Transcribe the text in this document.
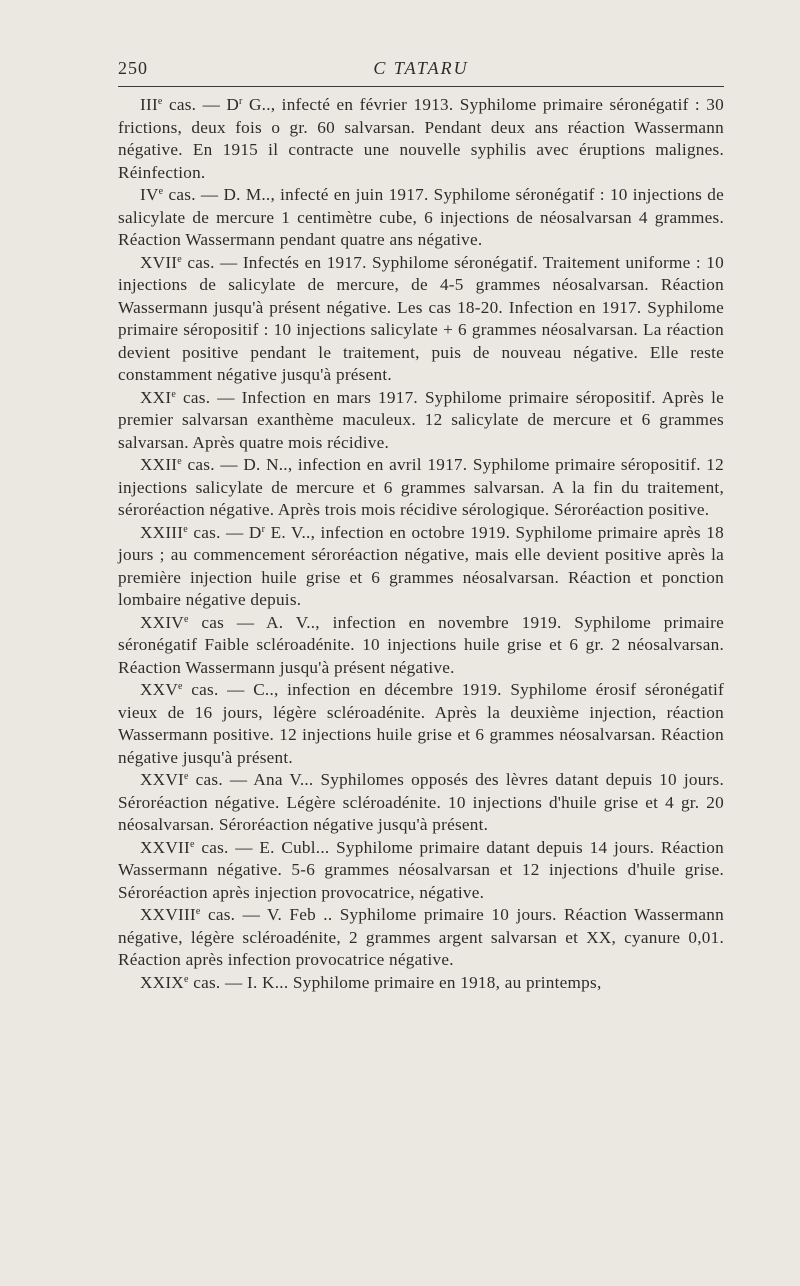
250	C TATARU

IIIe cas. — $D^r$ G.., infecté en février 1913. Syphilome primaire séronégatif : 30 frictions, deux fois o gr. 60 salvarsan. Pendant deux ans réaction Wassermann négative. En 1915 il contracte une nouvelle syphilis avec éruptions malignes. Réinfection.

IVe cas. — D. M.., infecté en juin 1917. Syphilome séronégatif : 10 injections de salicylate de mercure 1 centimètre cube, 6 injections de néosalvarsan 4 grammes. Réaction Wassermann pendant quatre ans négative.

XVIIe cas. — Infectés en 1917. Syphilome séronégatif. Traitement uniforme : 10 injections de salicylate de mercure, de 4-5 grammes néosalvarsan. Réaction Wassermann jusqu'à présent négative. Les cas 18-20. Infection en 1917. Syphilome primaire séropositif : 10 injections salicylate + 6 grammes néosalvarsan. La réaction devient positive pendant le traitement, puis de nouveau négative. Elle reste constamment négative jusqu'à présent.

XXIe cas. — Infection en mars 1917. Syphilome primaire séropositif. Après le premier salvarsan exanthème maculeux. 12 salicylate de mercure et 6 grammes salvarsan. Après quatre mois récidive.

XXIIe cas. — D. N.., infection en avril 1917. Syphilome primaire séropositif. 12 injections salicylate de mercure et 6 grammes salvarsan. A la fin du traitement, séroréaction négative. Après trois mois récidive sérologique. Séroréaction positive.

XXIIIe cas. — $D^r$ E. V.., infection en octobre 1919. Syphilome primaire après 18 jours ; au commencement séroréaction négative, mais elle devient positive après la première injection huile grise et 6 grammes néosalvarsan. Réaction et ponction lombaire négative depuis.

XXIVe cas — A. V.., infection en novembre 1919. Syphilome primaire séronégatif Faible scléroadénite. 10 injections huile grise et 6 gr. 2 néosalvarsan. Réaction Wassermann jusqu'à présent négative.

XXVe cas. — C.., infection en décembre 1919. Syphilome érosif séronégatif vieux de 16 jours, légère scléroadénite. Après la deuxième injection, réaction Wassermann positive. 12 injections huile grise et 6 grammes néosalvarsan. Réaction négative jusqu'à présent.

XXVIe cas. — Ana V... Syphilomes opposés des lèvres datant depuis 10 jours. Séroréaction négative. Légère scléroadénite. 10 injections d'huile grise et 4 gr. 20 néosalvarsan. Séroréaction négative jusqu'à présent.

XXVIIe cas. — E. Cubl... Syphilome primaire datant depuis 14 jours. Réaction Wassermann négative. 5-6 grammes néosalvarsan et 12 injections d'huile grise. Séroréaction après injection provocatrice, négative.

XXVIIIe cas. — V. Feb .. Syphilome primaire 10 jours. Réaction Wassermann négative, légère scléroadénite, 2 grammes argent salvarsan et XX, cyanure 0,01. Réaction après infection provocatrice négative.

XXIXe cas. — I. K... Syphilome primaire en 1918, au printemps,
